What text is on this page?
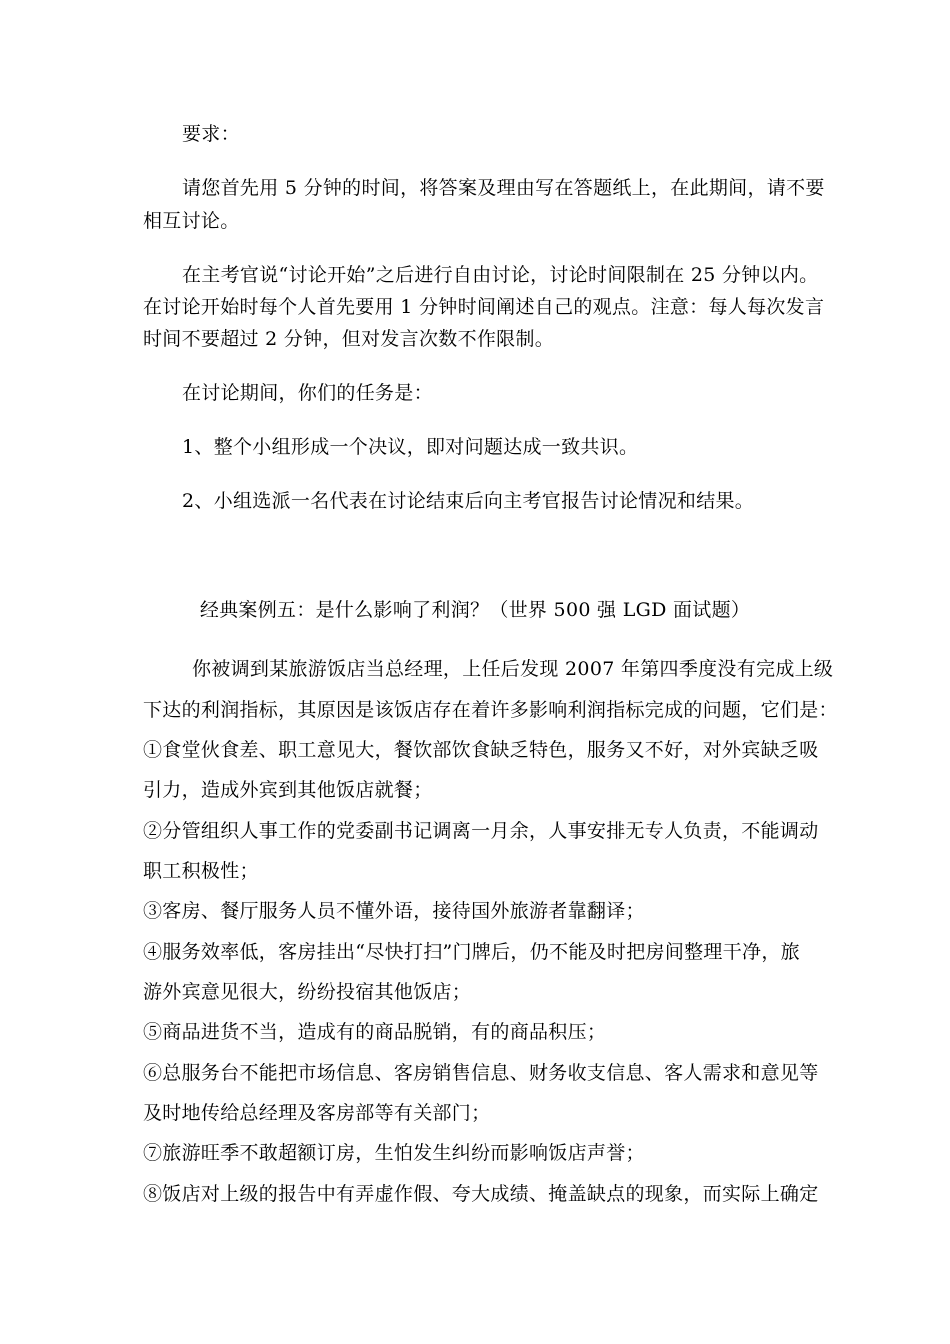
要求：
请您首先用 5 分钟的时间，将答案及理由写在答题纸上，在此期间，请不要
相互讨论。
在主考官说“讨论开始”之后进行自由讨论，讨论时间限制在 25 分钟以内。
在讨论开始时每个人首先要用 1 分钟时间阐述自己的观点。注意：每人每次发言
时间不要超过 2 分钟，但对发言次数不作限制。
在讨论期间，你们的任务是：
1、整个小组形成一个决议，即对问题达成一致共识。
2、小组选派一名代表在讨论结束后向主考官报告讨论情况和结果。
经典案例五：是什么影响了利润？（世界 500 强 LGD 面试题）
你被调到某旅游饭店当总经理，上任后发现 2007 年第四季度没有完成上级
下达的利润指标，其原因是该饭店存在着许多影响利润指标完成的问题，它们是：
①食堂伙食差、职工意见大，餐饮部饮食缺乏特色，服务又不好，对外宾缺乏吸
引力，造成外宾到其他饭店就餐；
②分管组织人事工作的党委副书记调离一月余，人事安排无专人负责，不能调动
职工积极性；
③客房、餐厅服务人员不懂外语，接待国外旅游者靠翻译；
④服务效率低，客房挂出“尽快打扫”门牌后，仍不能及时把房间整理干净，旅
游外宾意见很大，纷纷投宿其他饭店；
⑤商品进货不当，造成有的商品脱销，有的商品积压；
⑥总服务台不能把市场信息、客房销售信息、财务收支信息、客人需求和意见等
及时地传给总经理及客房部等有关部门；
⑦旅游旺季不敢超额订房，生怕发生纠纷而影响饭店声誉；
⑧饭店对上级的报告中有弄虚作假、夸大成绩、掩盖缺点的现象，而实际上确定
